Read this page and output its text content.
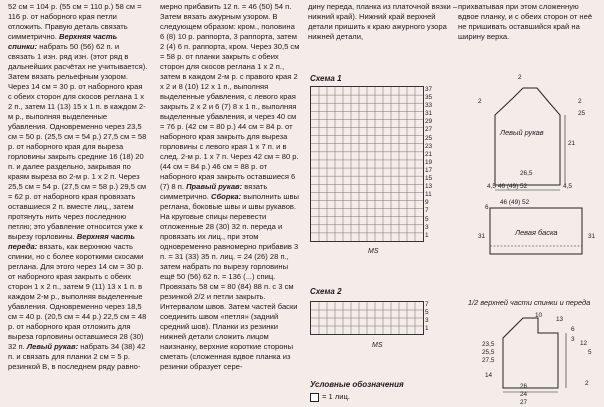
52 см = 104 р. (55 см = 110 р.) 58 см = 116 р. от наборного края петли отложить. Правую деталь связать симметрично. Верхняя часть спинки: набрать 50 (56) 62 п. и связать 1 изн. ряд изн. (этот ряд в дальнейших расчётах не учитывается). Затем вязать рельефным узором. Через 14 см = 30 р. от наборного края с обеих сторон для скосов реглана 1 х 2 п., затем 11 (13) 15 х 1 п. в каждом 2-м р., выполняя выделенные убавления. Одновременно через 23,5 см = 50 р. (25,5 см = 54 р.) 27,5 см = 58 р. от наборного края для выреза горловины закрыть средние 16 (18) 20 п. и далее раздельно, закрывая по краям выреза во 2-м р. 1 х 2 п. Через 25,5 см = 54 р. (27,5 см = 58 р.) 29,5 см = 62 р. от наборного края провязать оставшиеся 2 п. вместе лиц., затем протянуть нить через последнюю петлю; это убавление относится уже к вырезу горловины. Верхняя часть переда: вязать, как верхнюю часть спинки, но с более короткими скосами реглана. Для этого через 14 см = 30 р. от наборного края закрыть с обеих сторон 1 х 2 п., затем 9 (11) 13 х 1 п. в каждом 2-м р., выполняя выделенные убавления. Одновременно через 18,5 см = 40 р. (20,5 см = 44 р.) 22,5 см = 48 р. от наборного края отложить для выреза горловины оставшиеся 28 (30) 32 п. Левый рукав: набрать 34 (38) 42 п. и связать для планки 2 см = 5 р. резинкой В, в последнем ряду равно-
мерно прибавить 12 п. = 46 (50) 54 п. Затем вязать ажурным узором. В следующем образом: кром., половина 6 (8) 10 р. раппорта, 3 раппорта, затем 2 (4) 6 п. раппорта, кром. Через 30,5 см = 58 р. от планки закрыть с обеих сторон для скосов реглана 1 х 2 п., затем в каждом 2-м р. с правого края 2 х 2 и 8 (10) 12 х 1 п., выполняя выделенные убавления, с левого края закрыть 2 х 2 и 6 (7) 8 х 1 п., выполняя выделенные убавления, и через 40 см = 76 р. (42 см = 80 р.) 44 см = 84 р. от наборного края закрыть для выреза горловины с левого края 1 х 7 п. и в след. 2-м р. 1 х 7 п. Через 42 см = 80 р. (44 см = 84 р.) 46 см = 88 р. от наборного края закрыть оставшиеся 6 (7) 8 п. Правый рукав: вязать симметрично. Сборка: выполнить швы реглана, боковые швы и швы рукавов. На круговые спицы перевести отложенные 28 (30) 32 п. переда и провязать их лиц., при этом одновременно равномерно прибавив 3 п. = 31 (33) 35 п. лиц. = 24 (26) 28 п., затем набрать по вырезу горловины ещё 50 (56) 62 п. = 136 (...) спиц. Провязать 58 см = 80 (84) 88 п. с 3 см резинкой 2/2 и петли закрыть. Интервалом швов. Затем частей баски соединить швом «петля» (задний средний шов). Планки из резинки нижней детали сложить лицом наизнанку, верхние короткие стороны сметать (сложенная вдвое планка из резинки образует сере-
дину переда, планка из платочной вязки – нижний край). Нижний край верхней детали пришить к краю ажурного узора нижней детали,
прихватывая при этом сложенную вдвое планку, и с обеих сторон от неё не пришивать оставшийся край на ширину верха.
Схема 1
37
35
33
31
29
27
25
23
21
19
17
15
13
11
9
7
5
3
1
MS
Схема 2
7
5
3
1
MS
Условные обозначения
= 1 лиц.
Левый рукав
21
26,5
46 (49) 52
4,5	4,5
2
2
25
2
46 (49) 52
6
31	31
Левая баска
1/2 верхней части спинки и переда
10
13
6
3
12
5
23,5
25,5
27,5
14
2
26
24
27
